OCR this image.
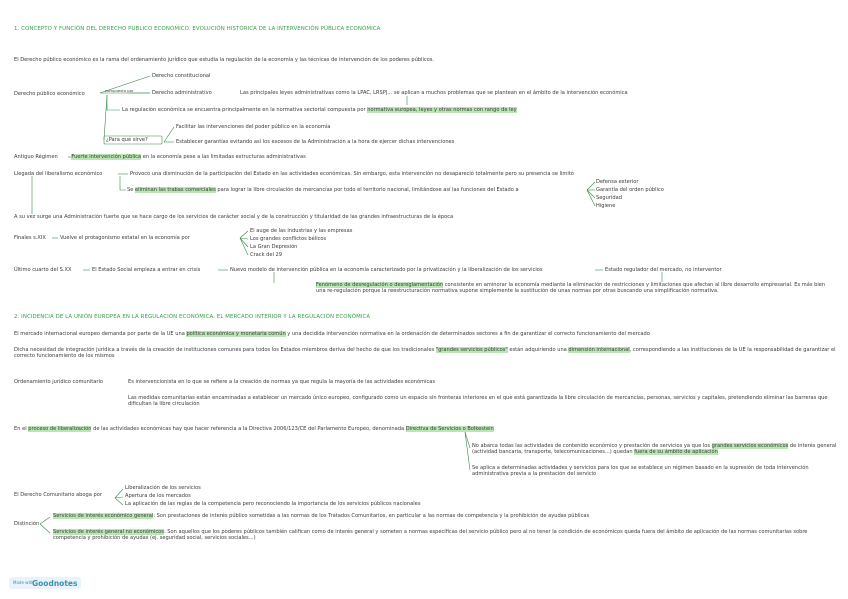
1. CONCEPTO Y FUNCIÓN DEL DERECHO PUBLICO ECONÓMICO. EVOLUCIÓN HISTÓRICA DE LA INTERVENCIÓN PÚBLICA ECONÓMICA
El Derecho público económico es la rama del ordenamiento jurídico que estudia la regulación de la economía y las técnicas de intervención de los poderes públicos.
Derecho público económico
compuesto por
Derecho constitucional
Derecho administrativo	Las principales leyes administrativas como la LPAC, LRSPJ... se aplican a muchos problemas que se plantean en el ámbito de la intervención económica
La regulación económica se encuentra principalmente en la normativa sectorial compuesta por normativa europea, leyes y otras normas con rango de ley
¿Para qué sirve?
Facilitar las intervenciones del poder público en la economía
Establecer garantías evitando así los excesos de la Administración a la hora de ejercer dichas intervenciones
Antiguo Régimen	Fuerte intervención pública en la economía pese a las limitadas estructuras administrativas
Llegada del liberalismo económico	Provocó una disminución de la participación del Estado en las actividades económicas. Sin embargo, esta intervención no desapareció totalmente pero su presencia se limitó
Se eliminan las trabas comerciales para lograr la libre circulación de mercancías por todo el territorio nacional, limitándose así las funciones del Estado a
Defensa exterior
Garantía del orden público
Seguridad
Higiene
A su vez surge una Administración fuerte que se hace cargo de los servicios de carácter social y de la construcción y titularidad de las grandes infraestructuras de la época
Finales s.XIX	Vuelve el protagonismo estatal en la economía por
El auge de las industrias y las empresas
Los grandes conflictos bélicos
La Gran Depresión
Crack del 29
Último cuarto del S.XX	El Estado Social empieza a entrar en crisis	Nuevo modelo de intervención pública en la economía caracterizado por la privatización y la liberalización de los servicios	Estado regulador del mercado, no interventor
Fenómeno de desregulación o desreglamentación consistente en aminorar la economía mediante la eliminación de restricciones y limitaciones que afectan al libre desarrollo empresarial. Es más bien una re-regulación porque la reestructuración normativa supone simplemente la sustitución de unas normas por otras buscando una simplificación normativa.
2. INCIDENCIA DE LA UNIÓN EUROPEA EN LA REGULACIÓN ECONÓMICA. EL MERCADO INTERIOR Y LA REGULACIÓN ECONÓMICA
El mercado internacional europeo demanda por parte de la UE una política económica y monetaria común y una decidida intervención normativa en la ordenación de determinados sectores a fin de garantizar el correcto funcionamiento del mercado
Dicha necesidad de integración jurídica a través de la creación de instituciones comunes para todos los Estados miembros deriva del hecho de que los tradicionales "grandes servicios públicos" están adquiriendo una dimensión internacional, correspondiendo a las instituciones de la UE la responsabilidad de garantizar el correcto funcionamiento de los mismos
Ordenamiento jurídico comunitario	Es intervencionista en lo que se refiere a la creación de normas ya que regula la mayoría de las actividades económicas
Las medidas comunitarias están encaminadas a establecer un mercado único europeo, configurado como un espacio sin fronteras interiores en el que está garantizada la libre circulación de mercancías, personas, servicios y capitales, pretendiendo eliminar las barreras que dificultan la libre circulación
En el proceso de liberalización de las actividades económicas hay que hacer referencia a la Directiva 2006/123/CE del Parlamento Europeo, denominada Directiva de Servicios o Bolkestein
No abarca todas las actividades de contenido económico y prestación de servicios ya que los grandes servicios económicos de interés general (actividad bancaria, transporte, telecomunicaciones...) quedan fuera de su ámbito de aplicación
Se aplica a determinadas actividades y servicios para los que se establece un régimen basado en la supresión de toda intervención administrativa previa a la prestación del servicio
El Derecho Comunitario aboga por
Liberalización de los servicios
Apertura de los mercados
La aplicación de las reglas de la competencia pero reconociendo la importancia de los servicios públicos nacionales
Distinción
Servicios de interés económico general: Son prestaciones de interés público sometidas a las normas de los Tratados Comunitarios, en particular a las normas de competencia y la prohibición de ayudas públicas
Servicios de interés general no económicos: Son aquellos que los poderes públicos también califican como de interés general y someten a normas específicas del servicio público pero al no tener la condición de económicos queda fuera del ámbito de aplicación de las normas comunitarias sobre competencia y prohibición de ayudas (ej. seguridad social, servicios sociales...)
Made with
Goodnotes
